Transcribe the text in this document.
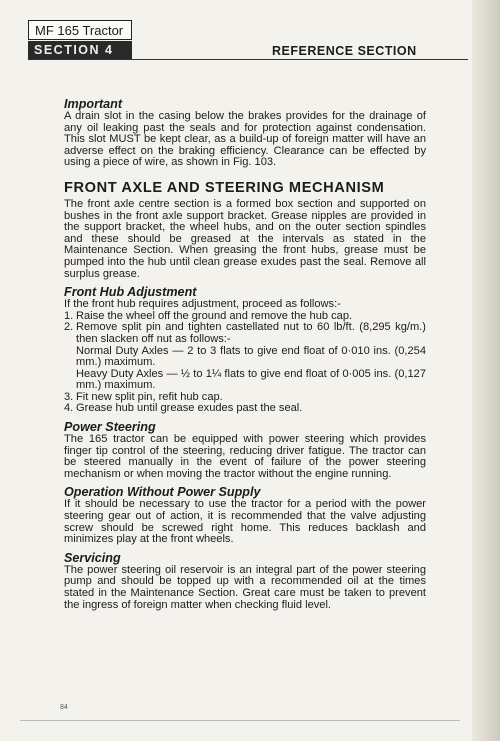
MF 165 Tractor
SECTION 4	REFERENCE SECTION
Important

A drain slot in the casing below the brakes provides for the drainage of any oil leaking past the seals and for protection against condensation. This slot MUST be kept clear, as a build-up of foreign matter will have an adverse effect on the braking efficiency. Clearance can be effected by using a piece of wire, as shown in Fig. 103.

FRONT AXLE AND STEERING MECHANISM

The front axle centre section is a formed box section and supported on bushes in the front axle support bracket. Grease nipples are provided in the support bracket, the wheel hubs, and on the outer section spindles and these should be greased at the intervals as stated in the Maintenance Section. When greasing the front hubs, grease must be pumped into the hub until clean grease exudes past the seal. Remove all surplus grease.

Front Hub Adjustment

If the front hub requires adjustment, proceed as follows:-

1. Raise the wheel off the ground and remove the hub cap.
2. Remove split pin and tighten castellated nut to 60 lb/ft. (8,295 kg/m.) then slacken off nut as follows:-
Normal Duty Axles — 2 to 3 flats to give end float of 0·010 ins. (0,254 mm.) maximum.
Heavy Duty Axles — ½ to 1¼ flats to give end float of 0·005 ins. (0,127 mm.) maximum.
3. Fit new split pin, refit hub cap.
4. Grease hub until grease exudes past the seal.
Power Steering

The 165 tractor can be equipped with power steering which provides finger tip control of the steering, reducing driver fatigue. The tractor can be steered manually in the event of failure of the power steering mechanism or when moving the tractor without the engine running.

Operation Without Power Supply

If it should be necessary to use the tractor for a period with the power steering gear out of action, it is recommended that the valve adjusting screw should be screwed right home. This reduces backlash and minimizes play at the front wheels.

Servicing

The power steering oil reservoir is an integral part of the power steering pump and should be topped up with a recommended oil at the times stated in the Maintenance Section. Great care must be taken to prevent the ingress of foreign matter when checking fluid level.

84
